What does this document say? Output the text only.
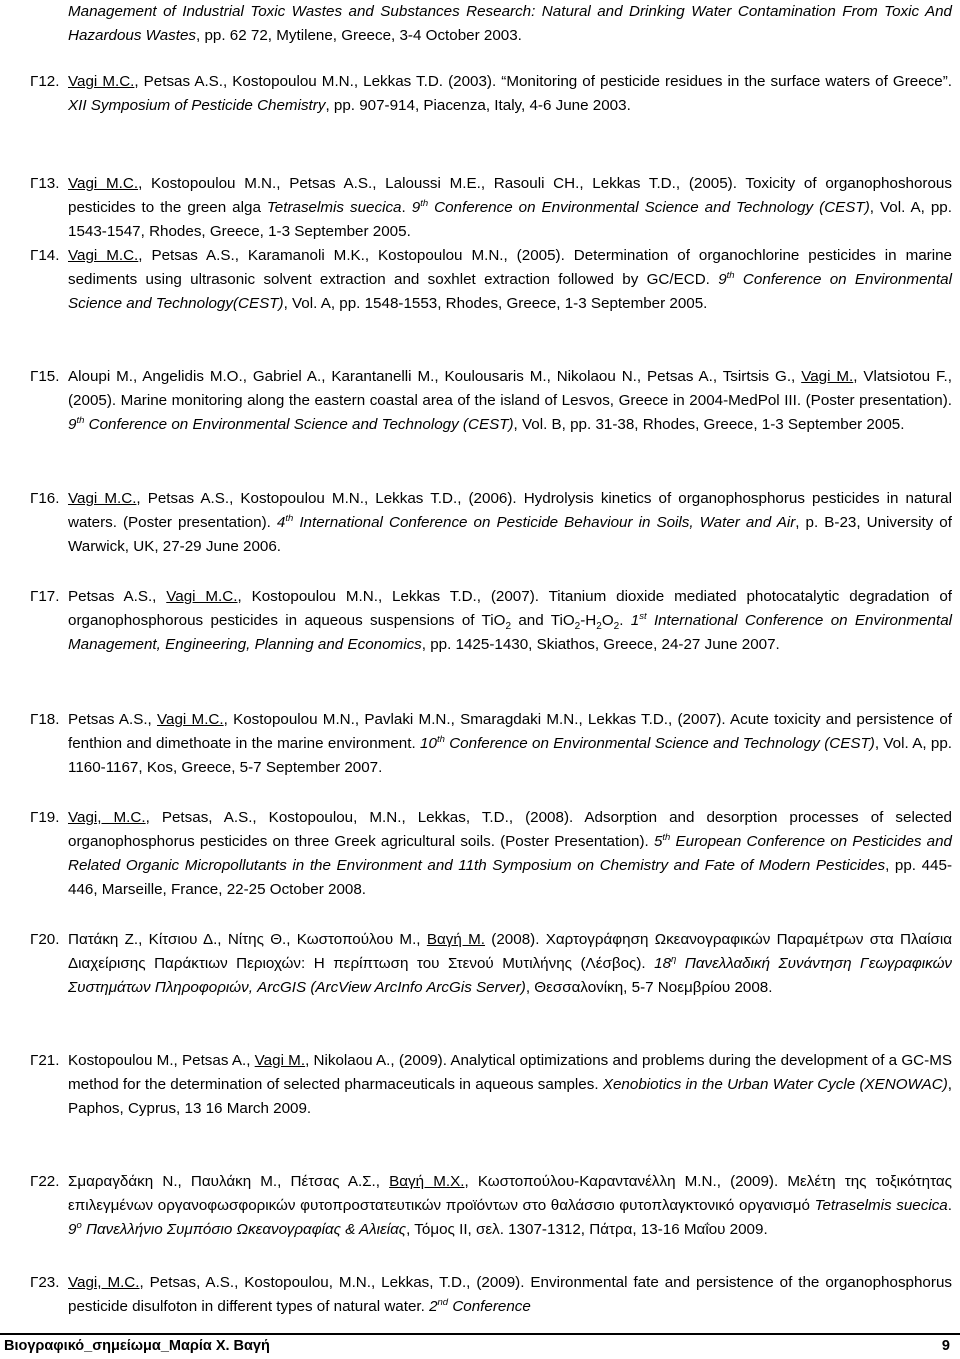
Management of Industrial Toxic Wastes and Substances Research: Natural and Drinking Water Contamination From Toxic And Hazardous Wastes, pp. 62 72, Mytilene, Greece, 3-4 October 2003.
Γ12. Vagi M.C., Petsas A.S., Kostopoulou M.N., Lekkas T.D. (2003). “Monitoring of pesticide residues in the surface waters of Greece”. XII Symposium of Pesticide Chemistry, pp. 907-914, Piacenza, Italy, 4-6 June 2003.
Γ13. Vagi M.C., Kostopoulou M.N., Petsas A.S., Laloussi M.E., Rasouli CH., Lekkas T.D., (2005). Toxicity of organophoshorous pesticides to the green alga Tetraselmis suecica. 9th Conference on Environmental Science and Technology (CEST), Vol. A, pp. 1543-1547, Rhodes, Greece, 1-3 September 2005.
Γ14. Vagi M.C., Petsas A.S., Karamanoli M.K., Kostopoulou M.N., (2005). Determination of organochlorine pesticides in marine sediments using ultrasonic solvent extraction and soxhlet extraction followed by GC/ECD. 9th Conference on Environmental Science and Technology(CEST), Vol. A, pp. 1548-1553, Rhodes, Greece, 1-3 September 2005.
Γ15. Aloupi M., Angelidis M.O., Gabriel A., Karantanelli M., Koulousaris M., Nikolaou N., Petsas A., Tsirtsis G., Vagi M., Vlatsiotou F., (2005). Marine monitoring along the eastern coastal area of the island of Lesvos, Greece in 2004-MedPol III. (Poster presentation). 9th Conference on Environmental Science and Technology (CEST), Vol. B, pp. 31-38, Rhodes, Greece, 1-3 September 2005.
Γ16. Vagi M.C., Petsas A.S., Kostopoulou M.N., Lekkas T.D., (2006). Hydrolysis kinetics of organophosphorus pesticides in natural waters. (Poster presentation). 4th International Conference on Pesticide Behaviour in Soils, Water and Air, p. B-23, University of Warwick, UK, 27-29 June 2006.
Γ17. Petsas A.S., Vagi M.C., Kostopoulou M.N., Lekkas T.D., (2007). Titanium dioxide mediated photocatalytic degradation of organophosphorous pesticides in aqueous suspensions of TiO$_2$ and $TiO_2-H_2O_2$. 1st International Conference on Environmental Management, Engineering, Planning and Economics, pp. 1425-1430, Skiathos, Greece, 24-27 June 2007.
Γ18. Petsas A.S., Vagi M.C., Kostopoulou M.N., Pavlaki M.N., Smaragdaki M.N., Lekkas T.D., (2007). Acute toxicity and persistence of fenthion and dimethoate in the marine environment. 10th Conference on Environmental Science and Technology (CEST), Vol. A, pp. 1160-1167, Kos, Greece, 5-7 September 2007.
Γ19. Vagi, M.C., Petsas, A.S., Kostopoulou, M.N., Lekkas, T.D., (2008). Adsorption and desorption processes of selected organophosphorus pesticides on three Greek agricultural soils. (Poster Presentation). 5th European Conference on Pesticides and Related Organic Micropollutants in the Environment and 11th Symposium on Chemistry and Fate of Modern Pesticides, pp. 445-446, Marseille, France, 22-25 October 2008.
Γ20. Πατάκη Ζ., Κίτσιου Δ., Νίτης Θ., Κωστοπούλου Μ., Βαγή Μ. (2008). Χαρτογράφηση Ωκεανογραφικών Παραμέτρων στα Πλαίσια Διαχείρισης Παράκτιων Περιοχών: Η περίπτωση του Στενού Μυτιλήνης (Λέσβος). $18^\eta$ Πανελλαδική Συνάντηση Γεωγραφικών Συστημάτων Πληροφοριών, ArcGIS (ArcView ArcInfo ArcGis Server), Θεσσαλονίκη, 5-7 Νοεμβρίου 2008.
Γ21. Kostopoulou M., Petsas A., Vagi M., Nikolaou A., (2009). Analytical optimizations and problems during the development of a GC-MS method for the determination of selected pharmaceuticals in aqueous samples. Xenobiotics in the Urban Water Cycle (XENOWAC), Paphos, Cyprus, 13 16 March 2009.
Γ22. Σμαραγδάκη Ν., Παυλάκη Μ., Πέτσας Α.Σ., Βαγή Μ.Χ., Κωστοπούλου-Καραντανέλλη Μ.Ν., (2009). Μελέτη της τοξικότητας επιλεγμένων οργανοφωσφορικών φυτοπροστατευτικών προϊόντων στο θαλάσσιο φυτοπλαγκτονικό οργανισμό Tetraselmis suecica. $9^o$ Πανελλήνιο Συμπόσιο Ωκεανογραφίας & Αλιείας, Τόμος ΙΙ, σελ. 1307-1312, Πάτρα, 13-16 Μαΐου 2009.
Γ23. Vagi, M.C., Petsas, A.S., Kostopoulou, M.N., Lekkas, T.D., (2009). Environmental fate and persistence of the organophosphorus pesticide disulfoton in different types of natural water. 2nd Conference
Βιογραφικό_σημείωμα_Μαρία Χ. Βαγή	9
